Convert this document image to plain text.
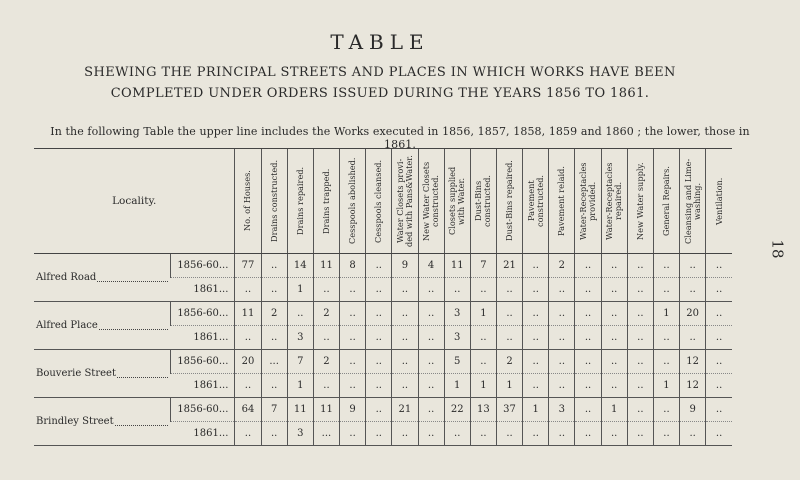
TABLE
SHEWING THE PRINCIPAL STREETS AND PLACES IN WHICH WORKS HAVE BEEN COMPLETED UNDER ORDERS ISSUED DURING THE YEARS 1856 TO 1861.
In the following Table the upper line includes the Works executed in 1856, 1857, 1858, 1859 and 1860 ; the lower, those in 1861.
18
Locality.		No. of Houses.	Drains constructed.	Drains repaired.	Drains trapped.	Cesspools abolished.	Cesspools cleansed.	Water Closets provi-
ded with Pans&Water.	New Water Closets
constructed.	Closets supplied
with Water.	Dust-Bins
constructed.	Dust-Bins repaired.	Pavement
constructed.	Pavement relaid.	Water-Receptacles
provided.	Water-Receptacles
repaired.	New Water supply.	General Repairs.	Cleansing and Lime-
washing.	Ventilation.

Alfred Road	1856-60...	77	..	14	11	8	..	9	4	11	7	21	..	2	..	..	..	..	..	..
	1861...	..	..	1	..	..	..	..	..	..	..	..	..	..	..	..	..	..	..	..

Alfred Place	1856-60...	11	2	..	2	..	..	..	..	3	1	..	..	..	..	..	..	1	20	..
	1861...	..	..	3	..	..	..	..	..	3	..	..	..	..	..	..	..	..	..	..

Bouverie Street	1856-60...	20	...	7	2	..	..	..	..	5	..	2	..	..	..	..	..	..	12	..
	1861...	..	..	1	..	..	..	..	..	1	1	1	..	..	..	..	..	1	12	..

Brindley Street	1856-60...	64	7	11	11	9	..	21	..	22	13	37	1	3	..	1	..	..	9	..
	1861...	..	..	3	...	..	..	..	..	..	..	..	..	..	..	..	..	..	..	..
